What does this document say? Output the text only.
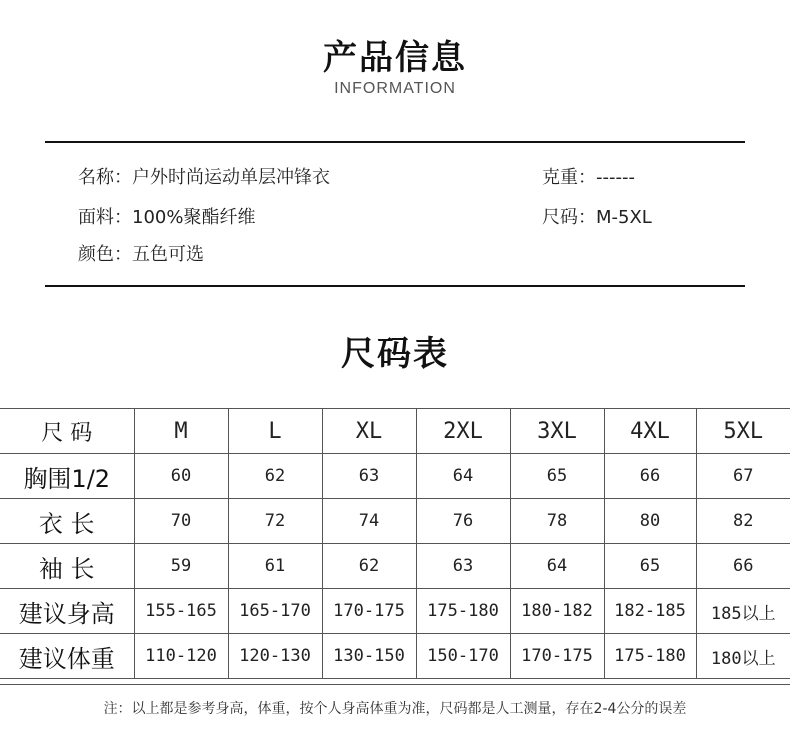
产品信息
INFORMATION
名称：户外时尚运动单层冲锋衣
面料：100%聚酯纤维
颜色：五色可选
克重：------
尺码：M-5XL
尺码表
尺 码	M	L	XL	2XL	3XL	4XL	5XL
胸围1/2	60	62	63	64	65	66	67
衣 长	70	72	74	76	78	80	82
袖 长	59	61	62	63	64	65	66
建议身高	155-165	165-170	170-175	175-180	180-182	182-185	185以上
建议体重	110-120	120-130	130-150	150-170	170-175	175-180	180以上
注：以上都是参考身高，体重，按个人身高体重为准，尺码都是人工测量，存在2-4公分的误差
